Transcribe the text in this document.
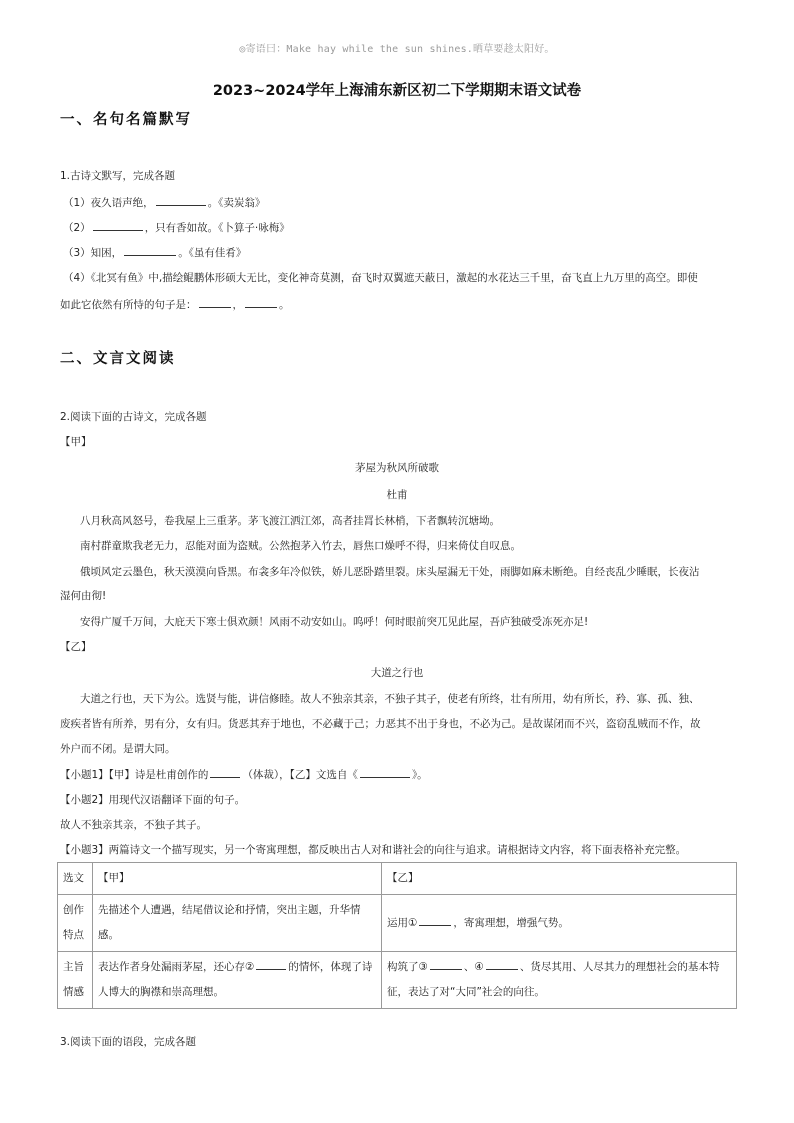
◎寄语曰：Make hay while the sun shines.晒草要趁太阳好。
2023~2024学年上海浦东新区初二下学期期末语文试卷
一、名句名篇默写
1.古诗文默写，完成各题
（1）夜久语声绝，	。《卖炭翁》
（2）	，只有香如故。《卜算子·咏梅》
（3）知困，	。《虽有佳肴》
（4）《北冥有鱼》中,描绘鲲鹏体形硕大无比，变化神奇莫测，奋飞时双翼遮天蔽日，激起的水花达三千里，奋飞直上九万里的高空。即使
如此它依然有所恃的句子是：	，	。
二、文言文阅读
2.阅读下面的古诗文，完成各题
【甲】
茅屋为秋风所破歌
杜甫
八月秋高风怒号，卷我屋上三重茅。茅飞渡江洒江郊，高者挂罥长林梢，下者飘转沉塘坳。
南村群童欺我老无力，忍能对面为盗贼。公然抱茅入竹去，唇焦口燥呼不得，归来倚仗自叹息。
俄顷风定云墨色，秋天漠漠向昏黑。布衾多年冷似铁，娇儿恶卧踏里裂。床头屋漏无干处，雨脚如麻未断绝。自经丧乱少睡眠，长夜沾
湿何由彻!
安得广厦千万间，大庇天下寒士俱欢颜！风雨不动安如山。呜呼！何时眼前突兀见此屋，吾庐独破受冻死亦足!
【乙】
大道之行也
大道之行也，天下为公。选贤与能，讲信修睦。故人不独亲其亲，不独子其子，使老有所终，壮有所用，幼有所长，矜、寡、孤、独、
废疾者皆有所养，男有分，女有归。货恶其弃于地也，不必藏于己；力恶其不出于身也，不必为己。是故谋闭而不兴，盗窃乱贼而不作，故
外户而不闭。是谓大同。
【小题1】【甲】诗是杜甫创作的	（体裁），【乙】文选自《	》。
【小题2】用现代汉语翻译下面的句子。
故人不独亲其亲，不独子其子。
【小题3】两篇诗文一个描写现实，另一个寄寓理想，都反映出古人对和谐社会的向往与追求。请根据诗文内容，将下面表格补充完整。
选文	【甲】	【乙】
创作特点	先描述个人遭遇，结尾借议论和抒情，突出主题，升华情感。	运用① ，寄寓理想，增强气势。
主旨情感	表达作者身处漏雨茅屋，还心存② 的情怀，体现了诗人博大的胸襟和崇高理想。	构筑了③ 、④ 、货尽其用、人尽其力的理想社会的基本特征，表达了对“大同”社会的向往。
3.阅读下面的语段，完成各题
